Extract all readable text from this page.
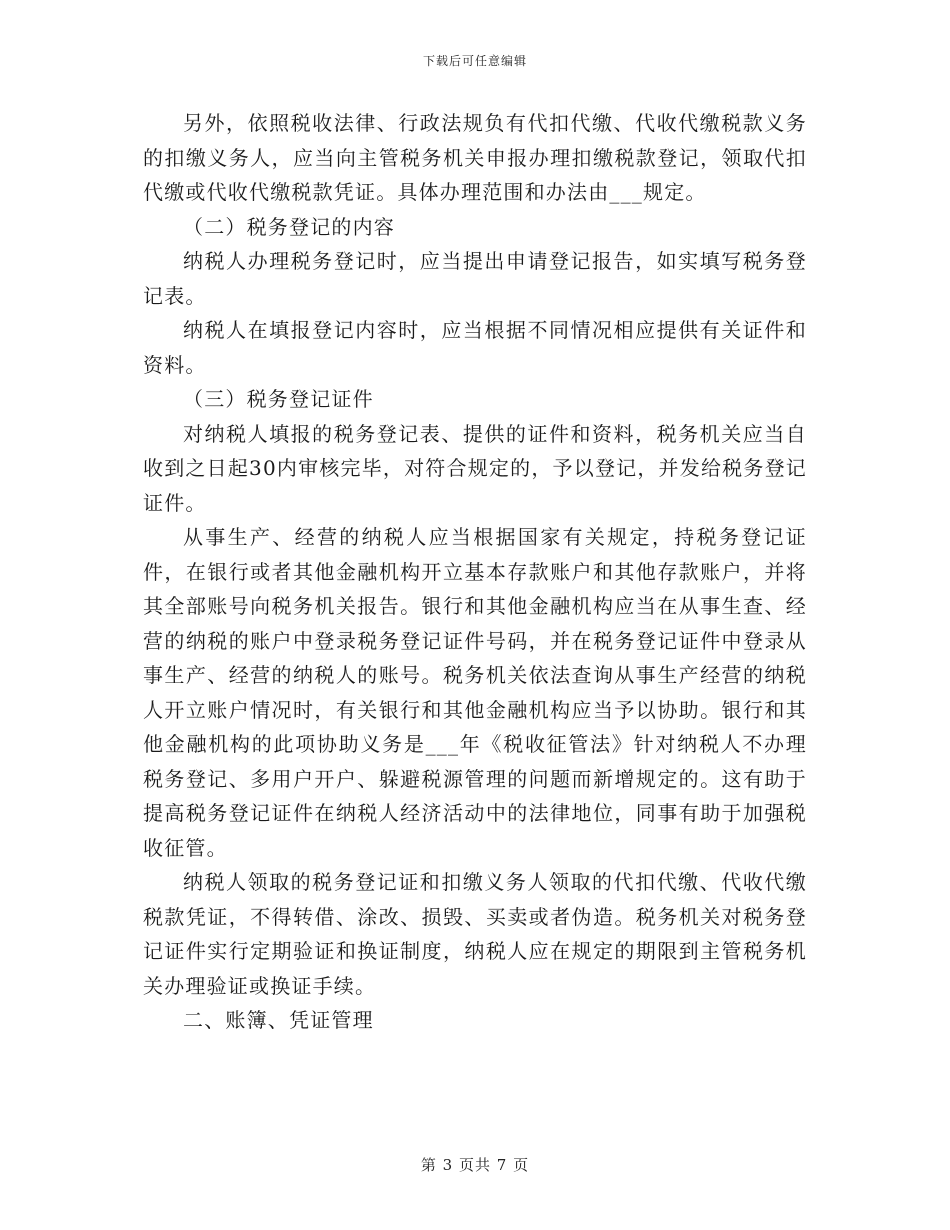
下载后可任意编辑

另外，依照税收法律、行政法规负有代扣代缴、代收代缴税款义务的扣缴义务人，应当向主管税务机关申报办理扣缴税款登记，领取代扣代缴或代收代缴税款凭证。具体办理范围和办法由___规定。

（二）税务登记的内容

纳税人办理税务登记时，应当提出申请登记报告，如实填写税务登记表。

纳税人在填报登记内容时，应当根据不同情况相应提供有关证件和资料。

（三）税务登记证件

对纳税人填报的税务登记表、提供的证件和资料，税务机关应当自收到之日起30内审核完毕，对符合规定的，予以登记，并发给税务登记证件。

从事生产、经营的纳税人应当根据国家有关规定，持税务登记证件，在银行或者其他金融机构开立基本存款账户和其他存款账户，并将其全部账号向税务机关报告。银行和其他金融机构应当在从事生查、经营的纳税的账户中登录税务登记证件号码，并在税务登记证件中登录从事生产、经营的纳税人的账号。税务机关依法查询从事生产经营的纳税人开立账户情况时，有关银行和其他金融机构应当予以协助。银行和其他金融机构的此项协助义务是___年《税收征管法》针对纳税人不办理税务登记、多用户开户、躲避税源管理的问题而新增规定的。这有助于提高税务登记证件在纳税人经济活动中的法律地位，同事有助于加强税收征管。

纳税人领取的税务登记证和扣缴义务人领取的代扣代缴、代收代缴税款凭证，不得转借、涂改、损毁、买卖或者伪造。税务机关对税务登记证件实行定期验证和换证制度，纳税人应在规定的期限到主管税务机关办理验证或换证手续。

二、账簿、凭证管理

第 3 页共 7 页
